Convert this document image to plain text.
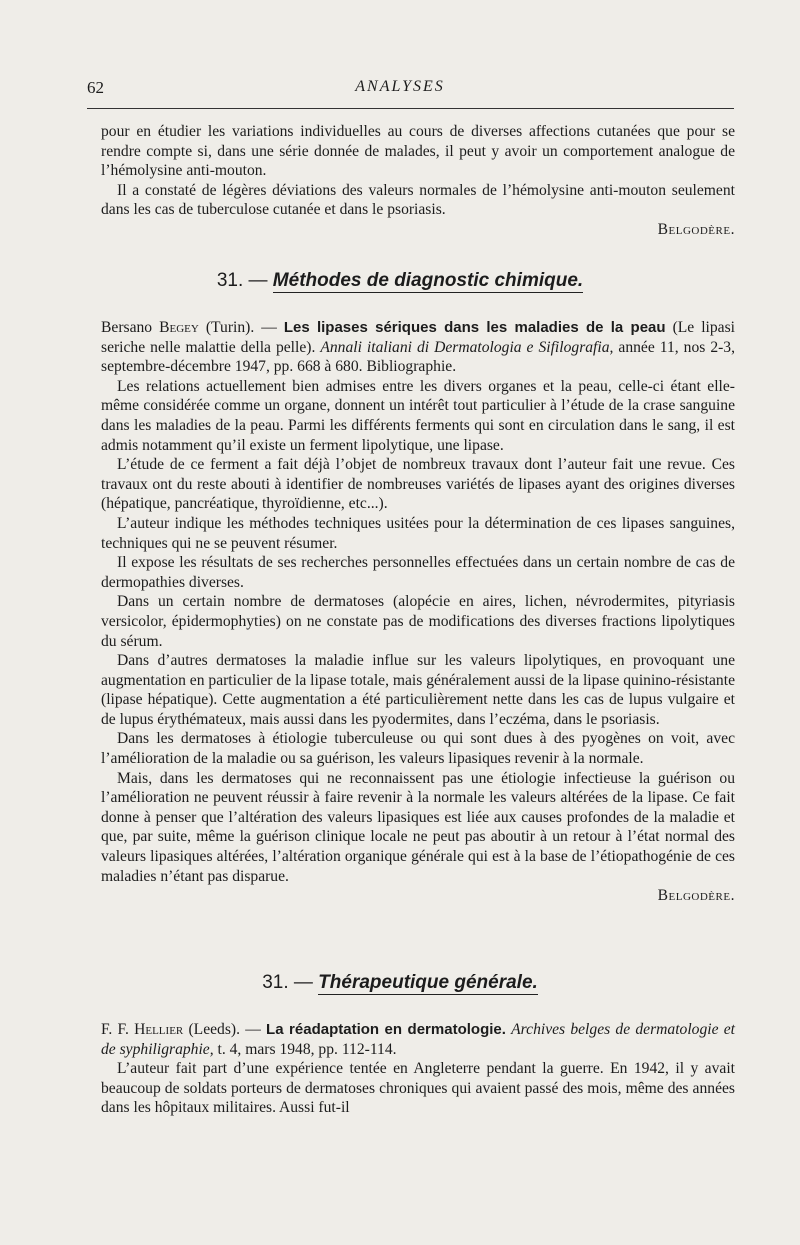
62	ANALYSES

pour en étudier les variations individuelles au cours de diverses affections cutanées que pour se rendre compte si, dans une série donnée de malades, il peut y avoir un comportement analogue de l’hémolysine anti-mouton.

Il a constaté de légères déviations des valeurs normales de l’hémolysine anti-mouton seulement dans les cas de tuberculose cutanée et dans le psoriasis.

Belgodère.

31. — Méthodes de diagnostic chimique.

Bersano Begey (Turin). — Les lipases sériques dans les maladies de la peau (Le lipasi seriche nelle malattie della pelle). Annali italiani di Dermatologia e Sifilografia, année 11, nos 2-3, septembre-décembre 1947, pp. 668 à 680. Bibliographie.

Les relations actuellement bien admises entre les divers organes et la peau, celle-ci étant elle-même considérée comme un organe, donnent un intérêt tout particulier à l’étude de la crase sanguine dans les maladies de la peau. Parmi les différents ferments qui sont en circulation dans le sang, il est admis notamment qu’il existe un ferment lipolytique, une lipase.

L’étude de ce ferment a fait déjà l’objet de nombreux travaux dont l’auteur fait une revue. Ces travaux ont du reste abouti à identifier de nombreuses variétés de lipases ayant des origines diverses (hépatique, pancréatique, thyroïdienne, etc...).

L’auteur indique les méthodes techniques usitées pour la détermination de ces lipases sanguines, techniques qui ne se peuvent résumer.

Il expose les résultats de ses recherches personnelles effectuées dans un certain nombre de cas de dermopathies diverses.

Dans un certain nombre de dermatoses (alopécie en aires, lichen, névrodermites, pityriasis versicolor, épidermophyties) on ne constate pas de modifications des diverses fractions lipolytiques du sérum.

Dans d’autres dermatoses la maladie influe sur les valeurs lipolytiques, en provoquant une augmentation en particulier de la lipase totale, mais généralement aussi de la lipase quinino-résistante (lipase hépatique). Cette augmentation a été particulièrement nette dans les cas de lupus vulgaire et de lupus érythémateux, mais aussi dans les pyodermites, dans l’eczéma, dans le psoriasis.

Dans les dermatoses à étiologie tuberculeuse ou qui sont dues à des pyogènes on voit, avec l’amélioration de la maladie ou sa guérison, les valeurs lipasiques revenir à la normale.

Mais, dans les dermatoses qui ne reconnaissent pas une étiologie infectieuse la guérison ou l’amélioration ne peuvent réussir à faire revenir à la normale les valeurs altérées de la lipase. Ce fait donne à penser que l’altération des valeurs lipasiques est liée aux causes profondes de la maladie et que, par suite, même la guérison clinique locale ne peut pas aboutir à un retour à l’état normal des valeurs lipasiques altérées, l’altération organique générale qui est à la base de l’étiopathogénie de ces maladies n’étant pas disparue.

Belgodère.

31. — Thérapeutique générale.

F. F. Hellier (Leeds). — La réadaptation en dermatologie. Archives belges de dermatologie et de syphiligraphie, t. 4, mars 1948, pp. 112-114.

L’auteur fait part d’une expérience tentée en Angleterre pendant la guerre. En 1942, il y avait beaucoup de soldats porteurs de dermatoses chroniques qui avaient passé des mois, même des années dans les hôpitaux militaires. Aussi fut-il
